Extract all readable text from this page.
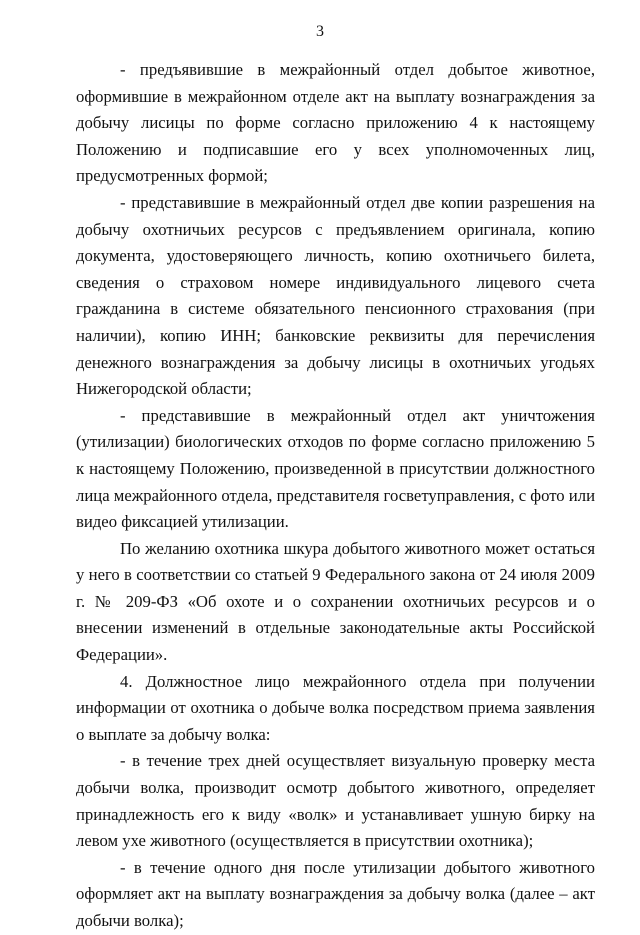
3

- предъявившие в межрайонный отдел добытое животное, оформившие в межрайонном отделе акт на выплату вознаграждения за добычу лисицы по форме согласно приложению 4 к настоящему Положению и подписавшие его у всех уполномоченных лиц, предусмотренных формой;

- представившие в межрайонный отдел две копии разрешения на добычу охотничьих ресурсов с предъявлением оригинала, копию документа, удостоверяющего личность, копию охотничьего билета, сведения о страховом номере индивидуального лицевого счета гражданина в системе обязательного пенсионного страхования (при наличии), копию ИНН; банковские реквизиты для перечисления денежного вознаграждения за добычу лисицы в охотничьих угодьях Нижегородской области;

- представившие в межрайонный отдел акт уничтожения (утилизации) биологических отходов по форме согласно приложению 5 к настоящему Положению, произведенной в присутствии должностного лица межрайонного отдела, представителя госветуправления, с фото или видео фиксацией утилизации.

По желанию охотника шкура добытого животного может остаться у него в соответствии со статьей 9 Федерального закона от 24 июля 2009 г. № 209-ФЗ «Об охоте и о сохранении охотничьих ресурсов и о внесении изменений в отдельные законодательные акты Российской Федерации».

4. Должностное лицо межрайонного отдела при получении информации от охотника о добыче волка посредством приема заявления о выплате за добычу волка:

- в течение трех дней осуществляет визуальную проверку места добычи волка, производит осмотр добытого животного, определяет принадлежность его к виду «волк» и устанавливает ушную бирку на левом ухе животного (осуществляется в присутствии охотника);

- в течение одного дня после утилизации добытого животного оформляет акт на выплату вознаграждения за добычу волка (далее – акт добычи волка);
